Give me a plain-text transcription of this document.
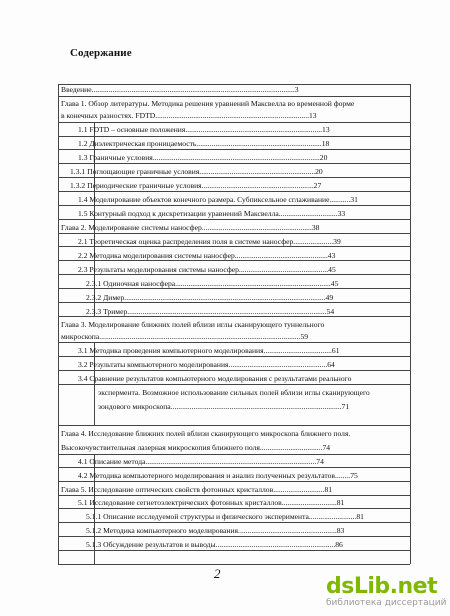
Содержание
Введение...........................................................................................................3
Глава 1. Обзор литературы. Методика решения уравнений Максвелла во временной форме
в конечных разностях. FDTD.................................................................................13
1.1 FDTD – основные положения........................................................................13
1.2 Диэлектрическая проницаемость..................................................................18
1.3 Граничные условия........................................................................................20
1.3.1 Поглощающие граничные условия.............................................................20
1.3.2 Периодические граничные условия...........................................................27
1.4 Моделирование объектов конечного размера. Субпиксельное сглаживание...........31
1.5 Контурный подход к дискретизации уравнений Максвелла...............................33
Глава 2. Моделирование системы наносфер..........................................................38
2.1 Теоретическая оценка распределения поля в системе наносфер.....................39
2.2 Методика моделирования системы наносфер.................................................43
2.3 Результаты моделирования системы наносфер...............................................45
2.3.1 Одиночная наносфера..................................................................................45
2.3.2 Димер..........................................................................................................49
2.3.3 Тример.........................................................................................................54
Глава 3. Моделирование ближних полей вблизи иглы сканирующего туннельного
микроскопа..........................................................................................................59
3.1 Методика проведения компьютерного моделирования....................................61
3.2 Результаты компьютерного моделирования....................................................64
3.4 Сравнение результатов компьютерного моделирования с результатами реального
экспермента. Возможное использование сильных полей вблизи иглы сканирующего
зондового микроскопа..........................................................................................71
Глава 4. Исследование ближних полей вблизи сканирующего микроскопа ближнего поля.
Высокочувствительная лазерная микроскопия ближнего поля.................................74
4.1 Описание метода..........................................................................................74
4.2 Методика компьютерного моделирования и анализ полученных результатов........75
Глава 5. Исследование оптических свойств фотонных кристаллов...........................81
5.1 Исследование сегнетоэлектрических фотонных кристаллов.............................81
5.1.1 Описание исследуемой структуры и физического эксперимента.........................81
5.1.2 Методика компьютерного моделирования....................................................83
5.1.3 Обсуждение результатов и выводы...............................................................86
2
dsLib.net
библиотека диссертаций
